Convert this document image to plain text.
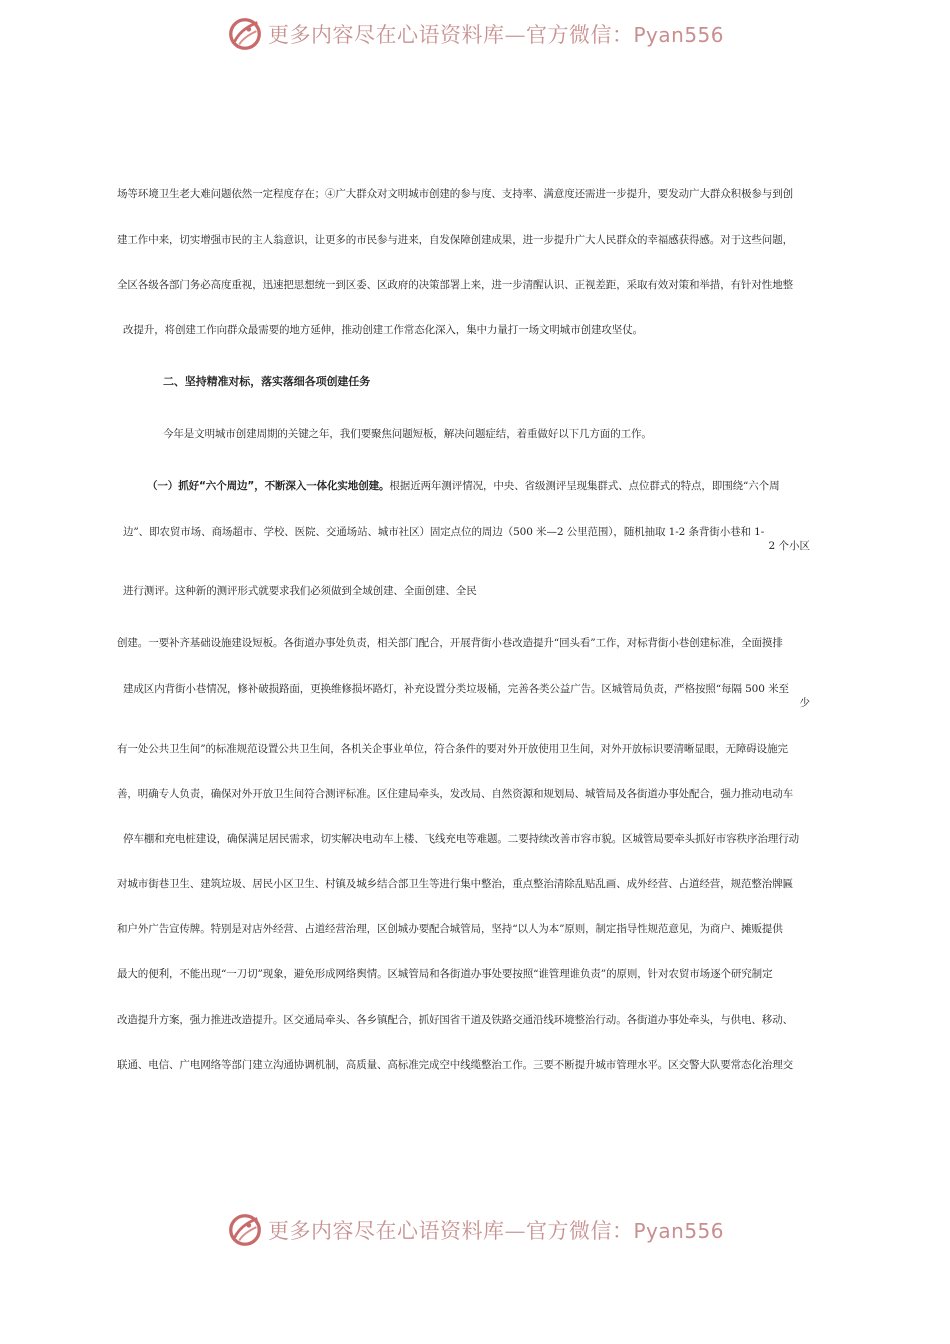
更多内容尽在心语资料库—官方微信：Pyan556
场等环境卫生老大难问题依然一定程度存在；④广大群众对文明城市创建的参与度、支持率、满意度还需进一步提升，要发动广大群众积极参与到创
建工作中来，切实增强市民的主人翁意识，让更多的市民参与进来，自发保障创建成果，进一步提升广大人民群众的幸福感获得感。对于这些问题，
全区各级各部门务必高度重视，迅速把思想统一到区委、区政府的决策部署上来，进一步清醒认识、正视差距，采取有效对策和举措，有针对性地整
改提升，将创建工作向群众最需要的地方延伸，推动创建工作常态化深入，集中力量打一场文明城市创建攻坚仗。
二、坚持精准对标，落实落细各项创建任务
今年是文明城市创建周期的关键之年，我们要聚焦问题短板，解决问题症结，着重做好以下几方面的工作。
（一）抓好“六个周边”，不断深入一体化实地创建。根据近两年测评情况，中央、省级测评呈现集群式、点位群式的特点，即围绕“六个周
边”、即农贸市场、商场超市、学校、医院、交通场站、城市社区）固定点位的周边（500 米—2 公里范围），随机抽取 1-2 条背街小巷和 1-
2 个小区
进行测评。这种新的测评形式就要求我们必须做到全域创建、全面创建、全民
创建。一要补齐基础设施建设短板。各街道办事处负责，相关部门配合，开展背街小巷改造提升“回头看”工作，对标背街小巷创建标准，全面摸排
建成区内背街小巷情况，修补破损路面，更换维修损坏路灯，补充设置分类垃圾桶，完善各类公益广告。区城管局负责，严格按照“每隔 500 米至
少
有一处公共卫生间”的标准规范设置公共卫生间，各机关企事业单位，符合条件的要对外开放使用卫生间，对外开放标识要清晰显眼，无障碍设施完
善，明确专人负责，确保对外开放卫生间符合测评标准。区住建局牵头，发改局、自然资源和规划局、城管局及各街道办事处配合，强力推动电动车
停车棚和充电桩建设，确保满足居民需求，切实解决电动车上楼、飞线充电等难题。二要持续改善市容市貌。区城管局要牵头抓好市容秩序治理行动
对城市街巷卫生、建筑垃圾、居民小区卫生、村镇及城乡结合部卫生等进行集中整治，重点整治清除乱贴乱画、成外经营、占道经营，规范整治牌匾
和户外广告宣传牌。特别是对店外经营、占道经营治理，区创城办要配合城管局，坚持“以人为本”原则，制定指导性规范意见，为商户、摊贩提供
最大的便利，不能出现“一刀切”现象，避免形成网络舆情。区城管局和各街道办事处要按照“谁管理谁负责”的原则，针对农贸市场逐个研究制定
改造提升方案，强力推进改造提升。区交通局牵头、各乡镇配合，抓好国省干道及铁路交通沿线环境整治行动。各街道办事处牵头，与供电、移动、
联通、电信、广电网络等部门建立沟通协调机制，高质量、高标准完成空中线缆整治工作。三要不断提升城市管理水平。区交警大队要常态化治理交
更多内容尽在心语资料库—官方微信：Pyan556
